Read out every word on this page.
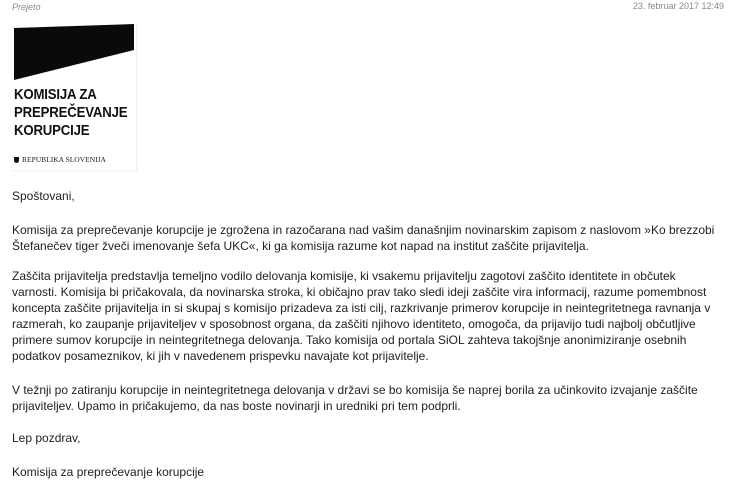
Prejeto	23. februar 2017 12:49
KOMISIJA ZA
PREPREČEVANJE
KORUPCIJE
REPUBLIKA SLOVENIJA

Spoštovani,

Komisija za preprečevanje korupcije je zgrožena in razočarana nad vašim današnjim novinarskim zapisom z naslovom »Ko brezzobi Štefanečev tiger žveči imenovanje šefa UKC«, ki ga komisija razume kot napad na institut zaščite prijavitelja.

Zaščita prijavitelja predstavlja temeljno vodilo delovanja komisije, ki vsakemu prijavitelju zagotovi zaščito identitete in občutek varnosti. Komisija bi pričakovala, da novinarska stroka, ki običajno prav tako sledi ideji zaščite vira informacij, razume pomembnost koncepta zaščite prijavitelja in si skupaj s komisijo prizadeva za isti cilj, razkrivanje primerov korupcije in neintegritetnega ravnanja v razmerah, ko zaupanje prijaviteljev v sposobnost organa, da zaščiti njihovo identiteto, omogoča, da prijavijo tudi najbolj občutljive primere sumov korupcije in neintegritetnega delovanja. Tako komisija od portala SiOL zahteva takojšnje anonimiziranje osebnih podatkov posameznikov, ki jih v navedenem prispevku navajate kot prijavitelje.

V težnji po zatiranju korupcije in neintegritetnega delovanja v državi se bo komisija še naprej borila za učinkovito izvajanje zaščite prijaviteljev. Upamo in pričakujemo, da nas boste novinarji in uredniki pri tem podprli.

Lep pozdrav,

Komisija za preprečevanje korupcije
